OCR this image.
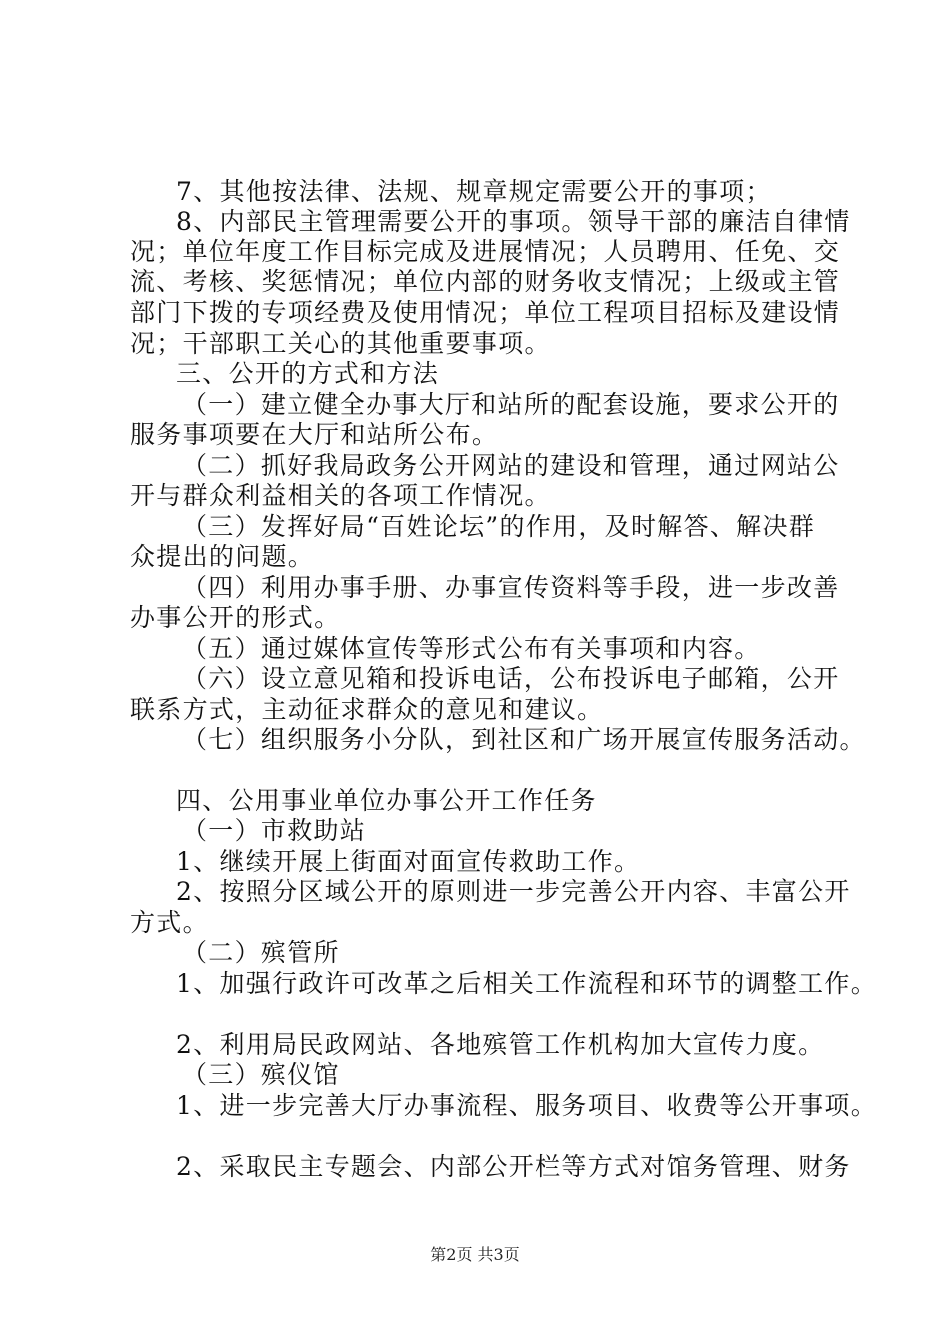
7、其他按法律、法规、规章规定需要公开的事项；
8、内部民主管理需要公开的事项。领导干部的廉洁自律情
况；单位年度工作目标完成及进展情况；人员聘用、任免、交
流、考核、奖惩情况；单位内部的财务收支情况；上级或主管
部门下拨的专项经费及使用情况；单位工程项目招标及建设情
况；干部职工关心的其他重要事项。
三、公开的方式和方法
（一）建立健全办事大厅和站所的配套设施，要求公开的
服务事项要在大厅和站所公布。
（二）抓好我局政务公开网站的建设和管理，通过网站公
开与群众利益相关的各项工作情况。
（三）发挥好局“百姓论坛”的作用，及时解答、解决群
众提出的问题。
（四）利用办事手册、办事宣传资料等手段，进一步改善
办事公开的形式。
（五）通过媒体宣传等形式公布有关事项和内容。
（六）设立意见箱和投诉电话，公布投诉电子邮箱，公开
联系方式，主动征求群众的意见和建议。
（七）组织服务小分队，到社区和广场开展宣传服务活动。
四、公用事业单位办事公开工作任务
（一）市救助站
1、继续开展上街面对面宣传救助工作。
2、按照分区域公开的原则进一步完善公开内容、丰富公开
方式。
（二）殡管所
1、加强行政许可改革之后相关工作流程和环节的调整工作。
2、利用局民政网站、各地殡管工作机构加大宣传力度。
（三）殡仪馆
1、进一步完善大厅办事流程、服务项目、收费等公开事项。
2、采取民主专题会、内部公开栏等方式对馆务管理、财务
第2页 共3页
